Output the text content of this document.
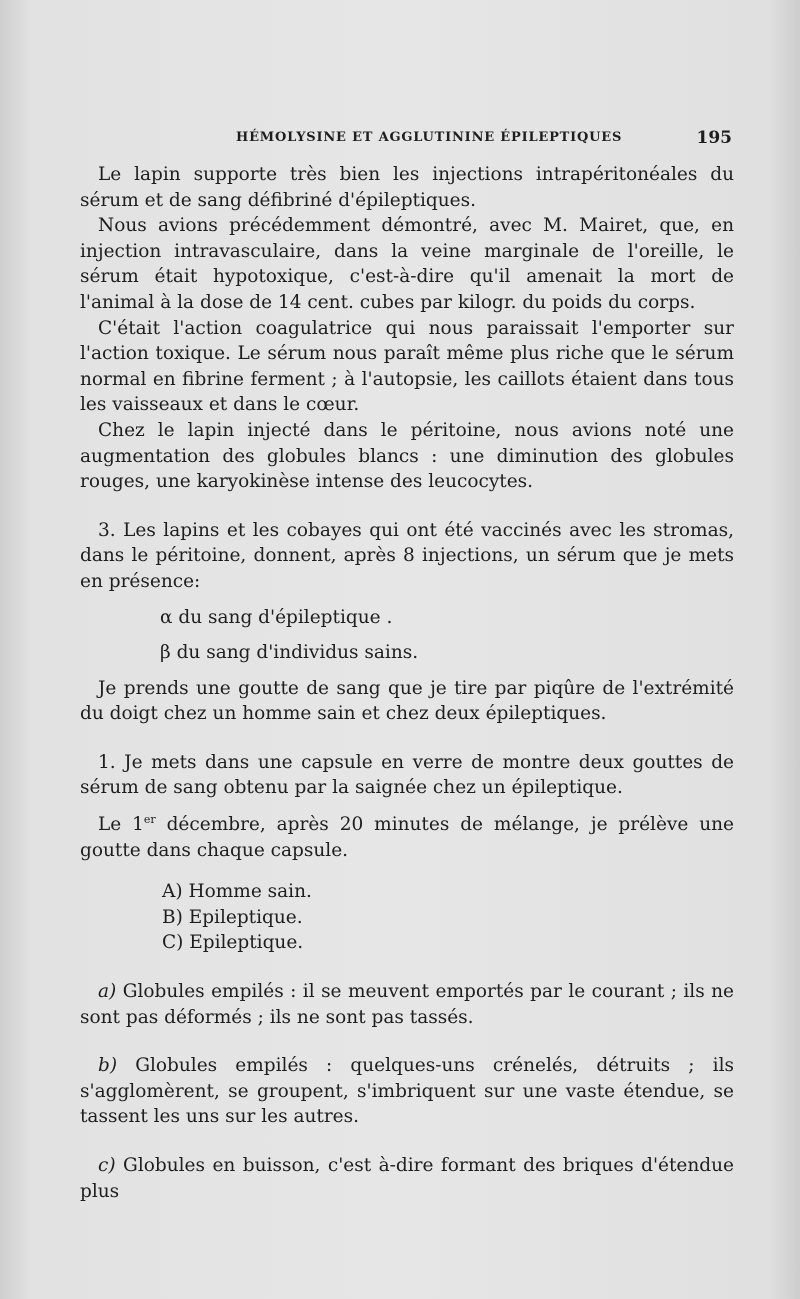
HÉMOLYSINE ET AGGLUTININE ÉPILEPTIQUES	195

Le lapin supporte très bien les injections intrapéritonéales du sérum et de sang défibriné d'épileptiques.

Nous avions précédemment démontré, avec M. Mairet, que, en injection intravasculaire, dans la veine marginale de l'oreille, le sérum était hypotoxique, c'est-à-dire qu'il amenait la mort de l'animal à la dose de 14 cent. cubes par kilogr. du poids du corps.

C'était l'action coagulatrice qui nous paraissait l'emporter sur l'action toxique. Le sérum nous paraît même plus riche que le sérum normal en fibrine ferment ; à l'autopsie, les caillots étaient dans tous les vaisseaux et dans le cœur.

Chez le lapin injecté dans le péritoine, nous avions noté une augmentation des globules blancs : une diminution des globules rouges, une karyokinèse intense des leucocytes.

3. Les lapins et les cobayes qui ont été vaccinés avec les stromas, dans le péritoine, donnent, après 8 injections, un sérum que je mets en présence:

α du sang d'épileptique .

β du sang d'individus sains.

Je prends une goutte de sang que je tire par piqûre de l'extrémité du doigt chez un homme sain et chez deux épileptiques.

1. Je mets dans une capsule en verre de montre deux gouttes de sérum de sang obtenu par la saignée chez un épileptique.

Le 1er décembre, après 20 minutes de mélange, je prélève une goutte dans chaque capsule.

A) Homme sain.

B) Epileptique.

C) Epileptique.

a) Globules empilés : il se meuvent emportés par le courant ; ils ne sont pas déformés ; ils ne sont pas tassés.

b) Globules empilés : quelques-uns crénelés, détruits ; ils s'agglomèrent, se groupent, s'imbriquent sur une vaste étendue, se tassent les uns sur les autres.

c) Globules en buisson, c'est à-dire formant des briques d'étendue plus
